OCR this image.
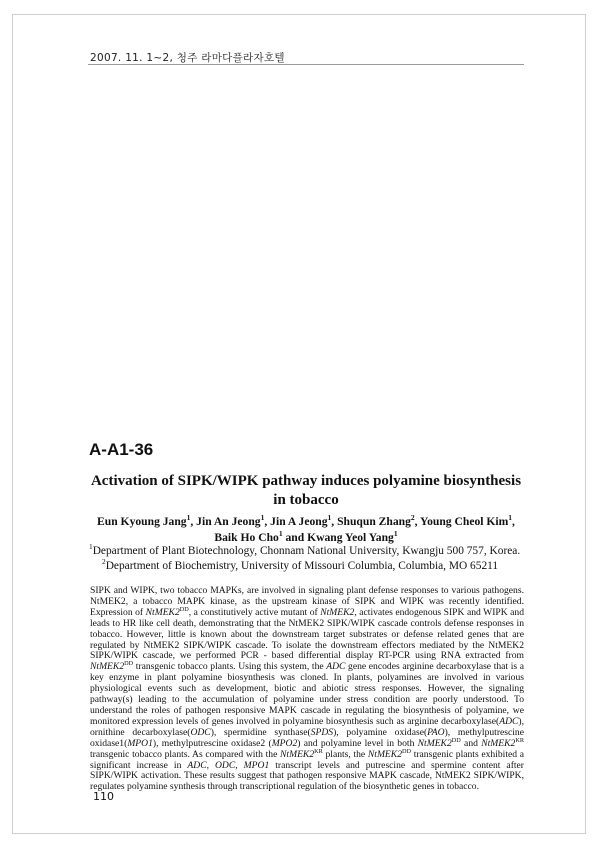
2007. 11. 1~2, 청주 라마다플라자호텔
A-A1-36
Activation of SIPK/WIPK pathway induces polyamine biosynthesis in tobacco
Eun Kyoung Jang$^1$, Jin An Jeong$^1$, Jin A Jeong$^1$, Shuqun Zhang$^2$, Young Cheol Kim$^1$,
Baik Ho Cho$^1$ and Kwang Yeol Yang$^1$
$^1$Department of Plant Biotechnology, Chonnam National University, Kwangju 500 757, Korea.
$^2$Department of Biochemistry, University of Missouri Columbia, Columbia, MO 65211
SIPK and WIPK, two tobacco MAPKs, are involved in signaling plant defense responses to various pathogens. NtMEK2, a tobacco MAPK kinase, as the upstream kinase of SIPK and WIPK was recently identified. Expression of $NtMEK2^{DD}$, a constitutively active mutant of NtMEK2, activates endogenous SIPK and WIPK and leads to HR like cell death, demonstrating that the NtMEK2 SIPK/WIPK cascade controls defense responses in tobacco. However, little is known about the downstream target substrates or defense related genes that are regulated by NtMEK2 SIPK/WIPK cascade. To isolate the downstream effectors mediated by the NtMEK2 SIPK/WIPK cascade, we performed PCR - based differential display RT-PCR using RNA extracted from $NtMEK2^{DD}$ transgenic tobacco plants. Using this system, the ADC gene encodes arginine decarboxylase that is a key enzyme in plant polyamine biosynthesis was cloned. In plants, polyamines are involved in various physiological events such as development, biotic and abiotic stress responses. However, the signaling pathway(s) leading to the accumulation of polyamine under stress condition are poorly understood. To understand the roles of pathogen responsive MAPK cascade in regulating the biosynthesis of polyamine, we monitored expression levels of genes involved in polyamine biosynthesis such as arginine decarboxylase(ADC), ornithine decarboxylase(ODC), spermidine synthase(SPDS), polyamine oxidase(PAO), methylputrescine oxidase1(MPO1), methylputrescine oxidase2 (MPO2) and polyamine level in both $NtMEK2^{DD}$ and $NtMEK2^{KR}$ transgenic tobacco plants. As compared with the $NtMEK2^{KR}$ plants, the $NtMEK2^{DD}$ transgenic plants exhibited a significant increase in ADC, ODC, MPO1 transcript levels and putrescine and spermine content after SIPK/WIPK activation. These results suggest that pathogen responsive MAPK cascade, NtMEK2 SIPK/WIPK, regulates polyamine synthesis through transcriptional regulation of the biosynthetic genes in tobacco.
110
